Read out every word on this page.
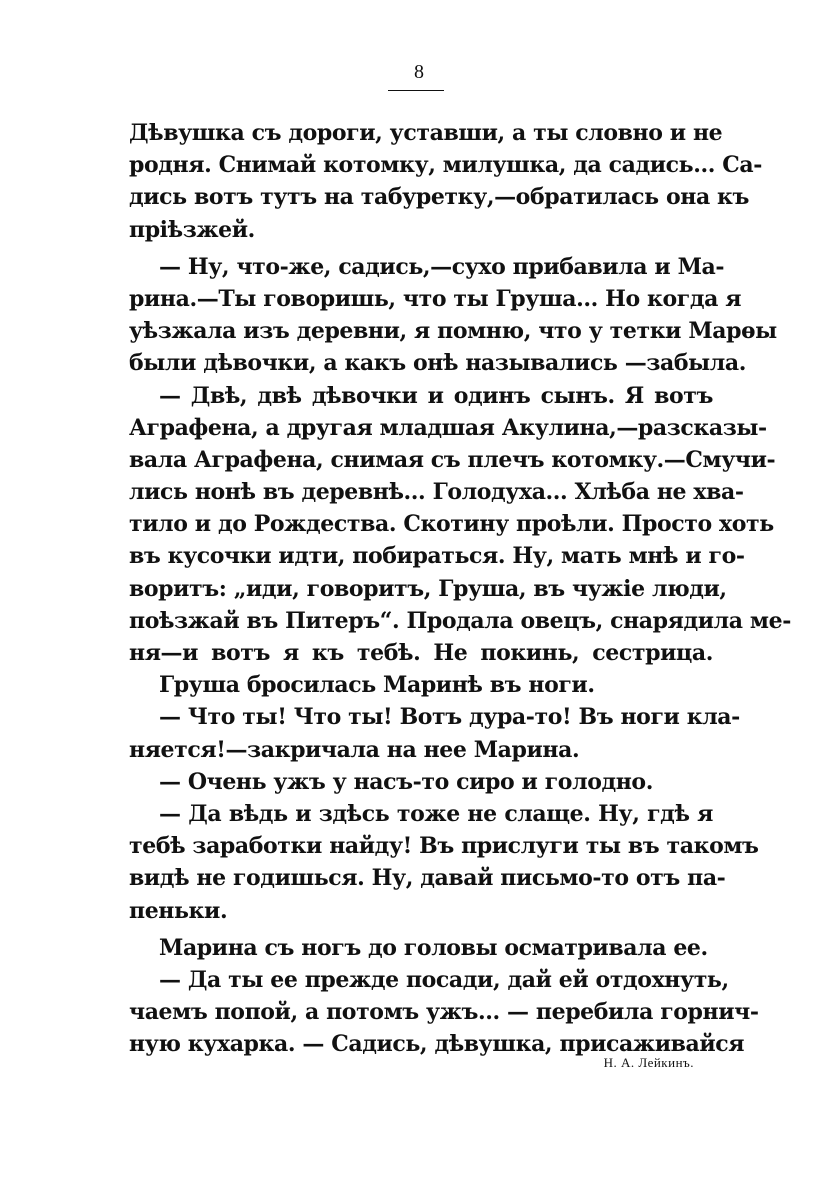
8
Дѣвушка съ дороги, уставши, а ты словно и не
родня. Снимай котомку, милушка, да садись... Са-
дись вотъ тутъ на табуретку,—обратилась она къ
пріѣзжей.
— Ну, что-же, садись,—сухо прибавила и Ма-
рина.—Ты говоришь, что ты Груша... Но когда я
уѣзжала изъ деревни, я помню, что у тетки Марѳы
были дѣвочки, а какъ онѣ назывались —забыла.
— Двѣ, двѣ дѣвочки и одинъ сынъ. Я вотъ
Аграфена, а другая младшая Акулина,—разсказы-
вала Аграфена, снимая съ плечъ котомку.—Смучи-
лись нонѣ въ деревнѣ... Голодуха... Хлѣба не хва-
тило и до Рождества. Скотину проѣли. Просто хоть
въ кусочки идти, побираться. Ну, мать мнѣ и го-
воритъ: „иди, говоритъ, Груша, въ чужіе люди,
поѣзжай въ Питеръ“. Продала овецъ, снарядила ме-
ня—и вотъ я къ тебѣ. Не покинь, сестрица.
Груша бросилась Маринѣ въ ноги.
— Что ты! Что ты! Вотъ дура-то! Въ ноги кла-
няется!—закричала на нее Марина.
— Очень ужъ у насъ-то сиро и голодно.
— Да вѣдь и здѣсь тоже не слаще. Ну, гдѣ я
тебѣ заработки найду! Въ прислуги ты въ такомъ
видѣ не годишься. Ну, давай письмо-то отъ па-
пеньки.
Марина съ ногъ до головы осматривала ее.
— Да ты ее прежде посади, дай ей отдохнуть,
чаемъ попой, а потомъ ужъ... — перебила горнич-
ную кухарка. — Садись, дѣвушка, присаживайся
Н. А. Лейкинъ.
